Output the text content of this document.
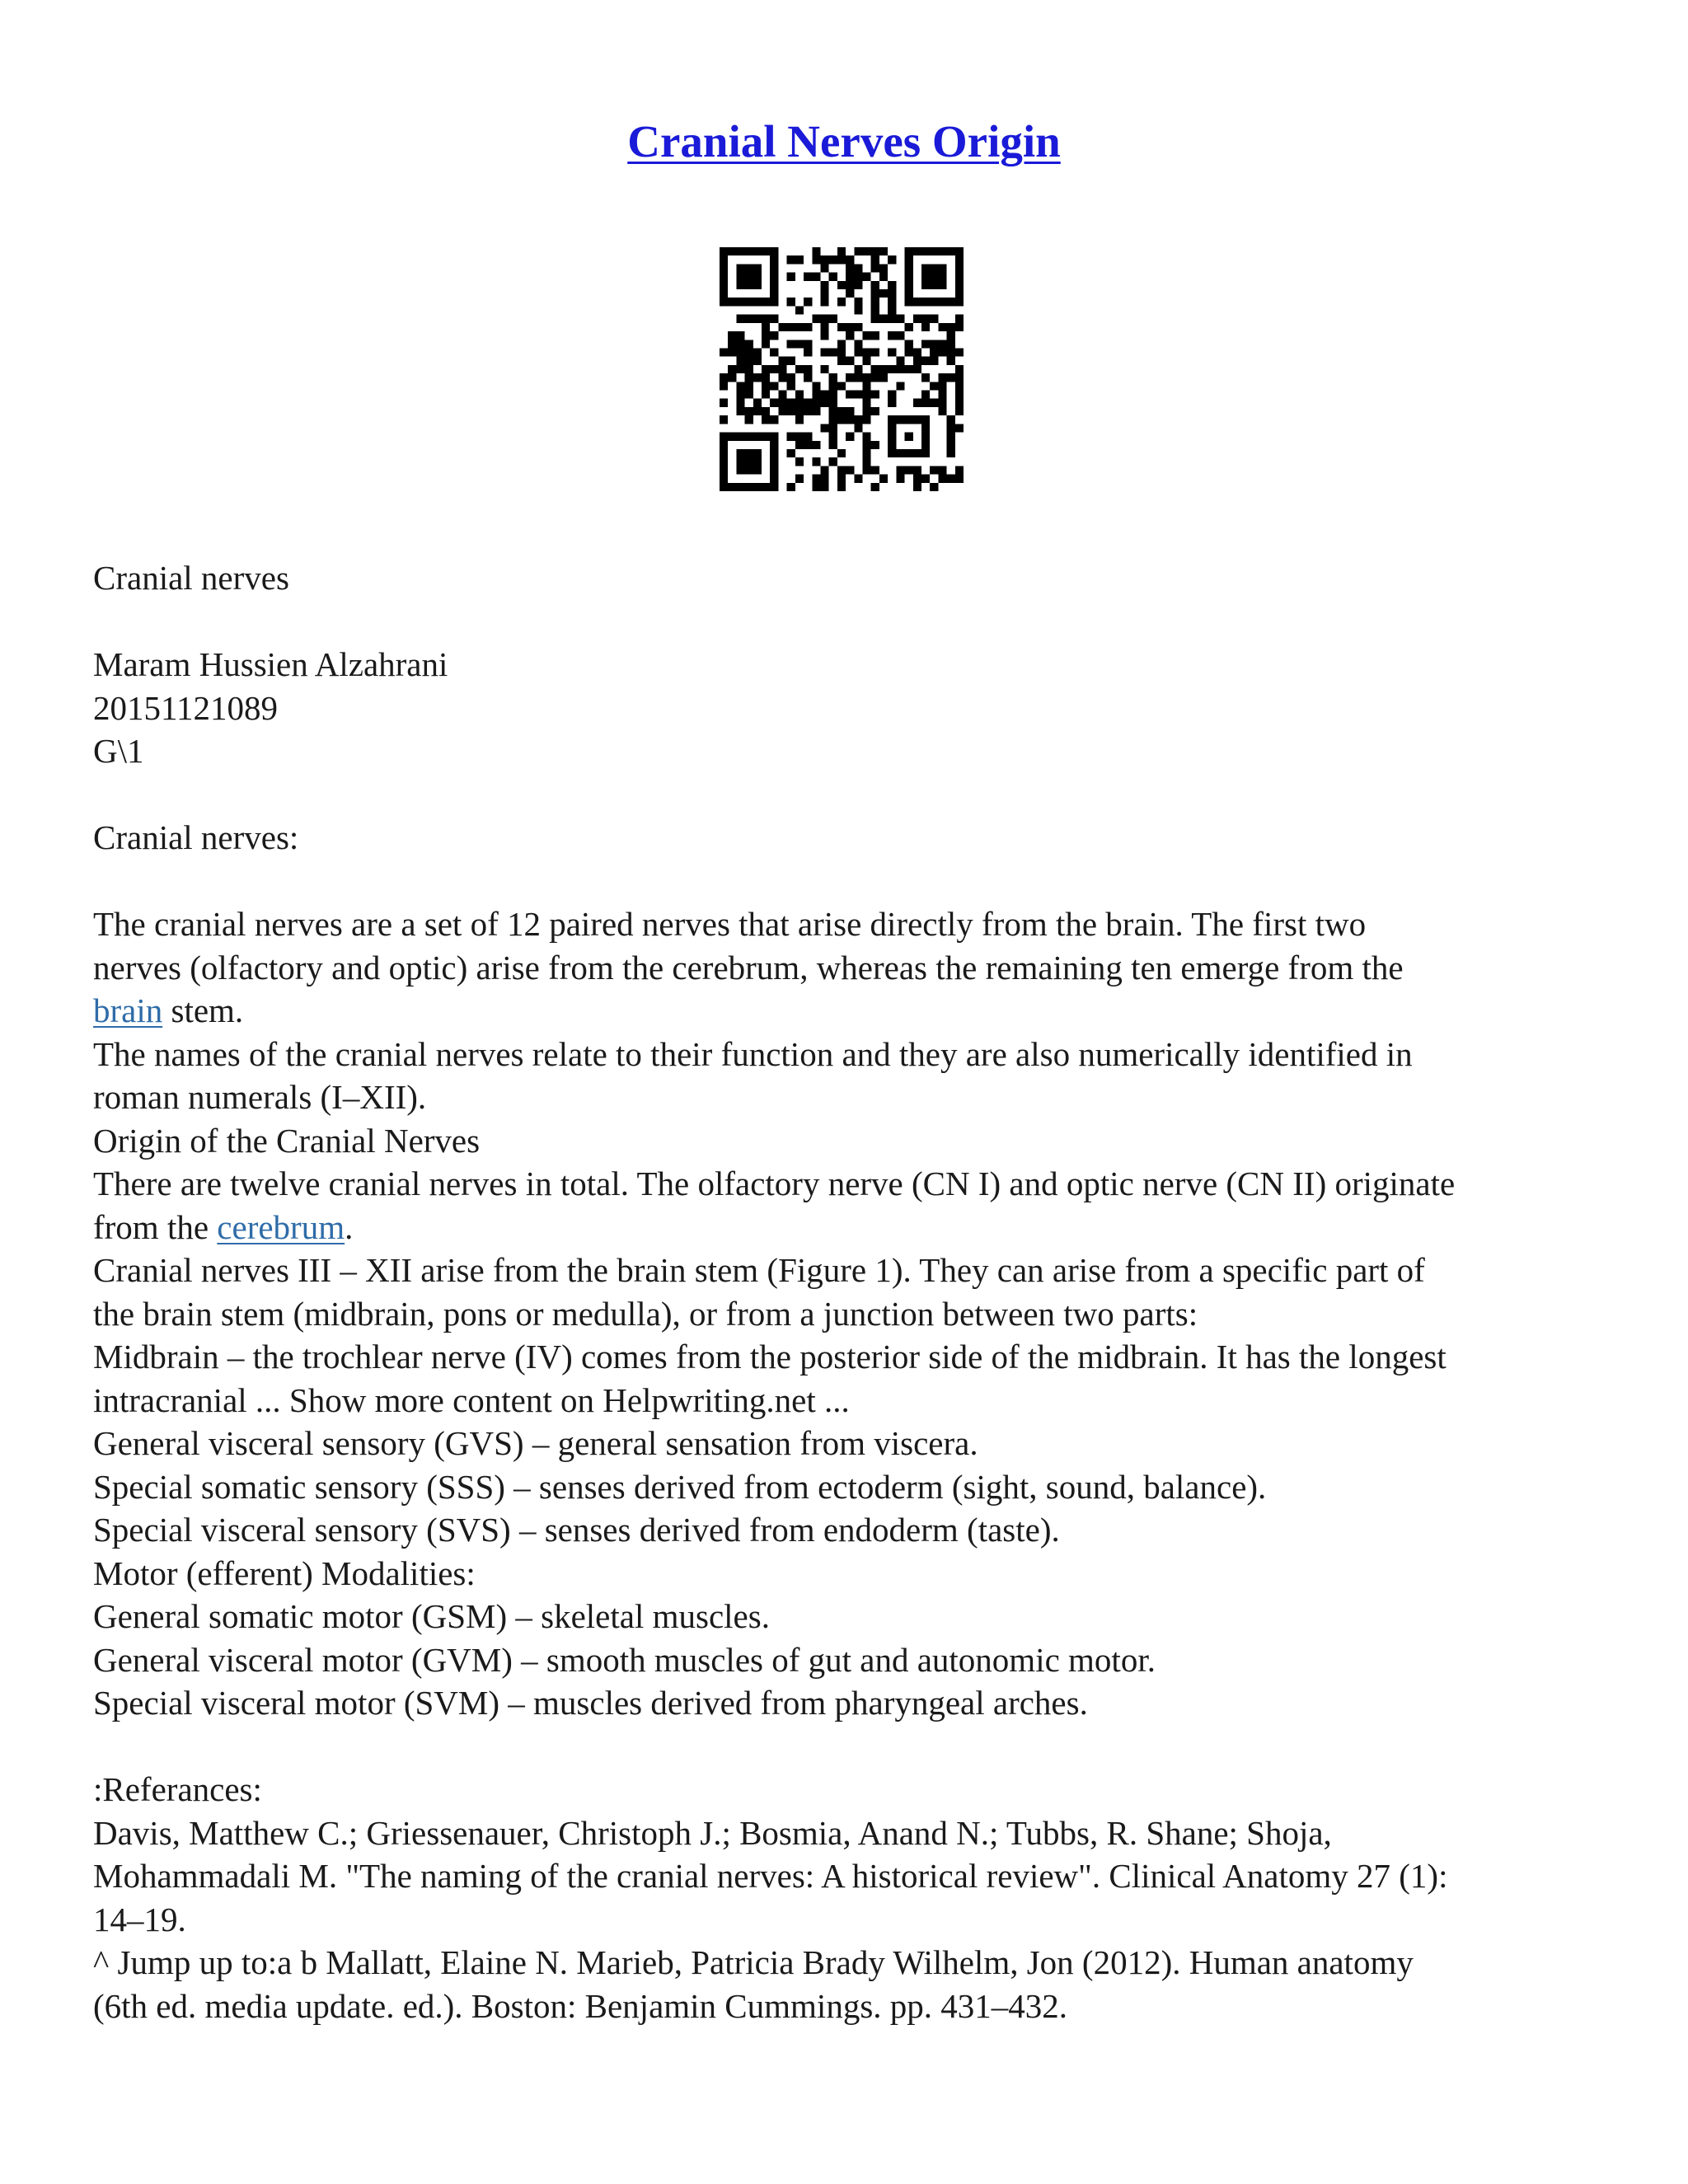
Cranial Nerves Origin
Cranial nerves
Maram Hussien Alzahrani
20151121089
G\1
Cranial nerves:
The cranial nerves are a set of 12 paired nerves that arise directly from the brain. The first two
nerves (olfactory and optic) arise from the cerebrum, whereas the remaining ten emerge from the
brain stem.
The names of the cranial nerves relate to their function and they are also numerically identified in
roman numerals (I–XII).
Origin of the Cranial Nerves
There are twelve cranial nerves in total. The olfactory nerve (CN I) and optic nerve (CN II) originate
from the cerebrum.
Cranial nerves III – XII arise from the brain stem (Figure 1). They can arise from a specific part of
the brain stem (midbrain, pons or medulla), or from a junction between two parts:
Midbrain – the trochlear nerve (IV) comes from the posterior side of the midbrain. It has the longest
intracranial ... Show more content on Helpwriting.net ...
General visceral sensory (GVS) – general sensation from viscera.
Special somatic sensory (SSS) – senses derived from ectoderm (sight, sound, balance).
Special visceral sensory (SVS) – senses derived from endoderm (taste).
Motor (efferent) Modalities:
General somatic motor (GSM) – skeletal muscles.
General visceral motor (GVM) – smooth muscles of gut and autonomic motor.
Special visceral motor (SVM) – muscles derived from pharyngeal arches.
:Referances:
Davis, Matthew C.; Griessenauer, Christoph J.; Bosmia, Anand N.; Tubbs, R. Shane; Shoja,
Mohammadali M. "The naming of the cranial nerves: A historical review". Clinical Anatomy 27 (1):
14–19.
^ Jump up to:a b Mallatt, Elaine N. Marieb, Patricia Brady Wilhelm, Jon (2012). Human anatomy
(6th ed. media update. ed.). Boston: Benjamin Cummings. pp. 431–432.
